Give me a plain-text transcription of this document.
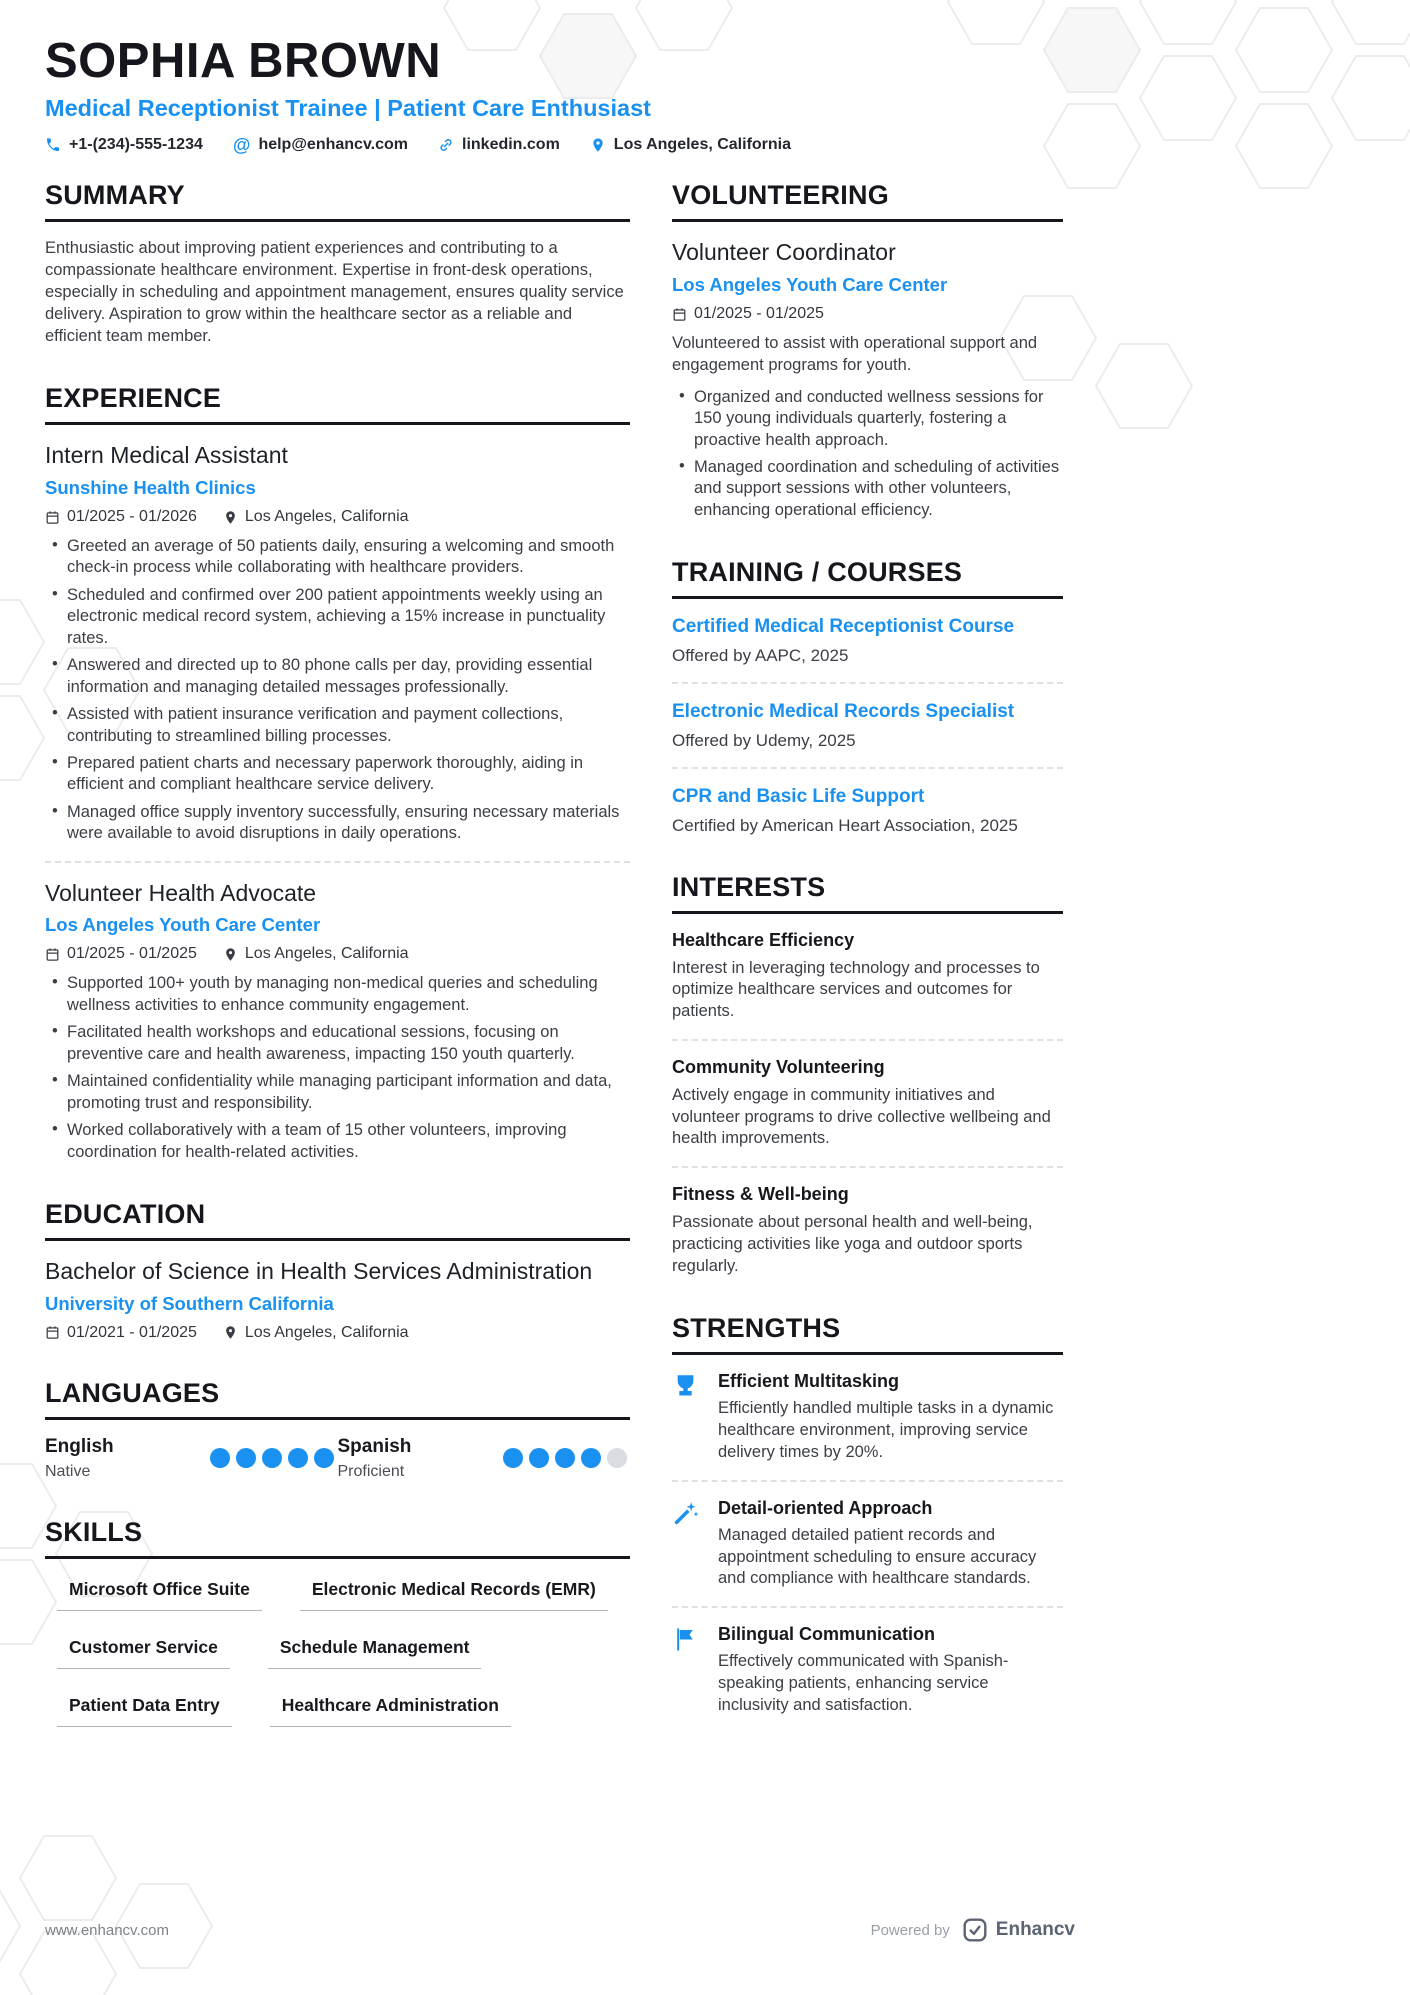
SOPHIA BROWN
Medical Receptionist Trainee | Patient Care Enthusiast
+1-(234)-555-1234 @ help@enhancv.com	linkedin.com	Los Angeles, California
SUMMARY

Enthusiastic about improving patient experiences and contributing to a compassionate healthcare environment. Expertise in front-desk operations, especially in scheduling and appointment management, ensures quality service delivery. Aspiration to grow within the healthcare sector as a reliable and efficient team member.

EXPERIENCE
Intern Medical Assistant
Sunshine Health Clinics
01/2025 - 01/2026	Los Angeles, California
• Greeted an average of 50 patients daily, ensuring a welcoming and smooth check-in process while collaborating with healthcare providers.
• Scheduled and confirmed over 200 patient appointments weekly using an electronic medical record system, achieving a 15% increase in punctuality rates.
• Answered and directed up to 80 phone calls per day, providing essential information and managing detailed messages professionally.
• Assisted with patient insurance verification and payment collections, contributing to streamlined billing processes.
• Prepared patient charts and necessary paperwork thoroughly, aiding in efficient and compliant healthcare service delivery.
• Managed office supply inventory successfully, ensuring necessary materials were available to avoid disruptions in daily operations.
Volunteer Health Advocate
Los Angeles Youth Care Center
01/2025 - 01/2025	Los Angeles, California
• Supported 100+ youth by managing non-medical queries and scheduling wellness activities to enhance community engagement.
• Facilitated health workshops and educational sessions, focusing on preventive care and health awareness, impacting 150 youth quarterly.
• Maintained confidentiality while managing participant information and data, promoting trust and responsibility.
• Worked collaboratively with a team of 15 other volunteers, improving coordination for health-related activities.
EDUCATION
Bachelor of Science in Health Services Administration
University of Southern California
01/2021 - 01/2025	Los Angeles, California
LANGUAGES
English
Native
Spanish
Proficient
SKILLS
Microsoft Office Suite	Electronic Medical Records (EMR)
Customer Service	Schedule Management
Patient Data Entry	Healthcare Administration
VOLUNTEERING
Volunteer Coordinator
Los Angeles Youth Care Center
01/2025 - 01/2025

Volunteered to assist with operational support and engagement programs for youth.

• Organized and conducted wellness sessions for 150 young individuals quarterly, fostering a proactive health approach.
• Managed coordination and scheduling of activities and support sessions with other volunteers, enhancing operational efficiency.
TRAINING / COURSES
Certified Medical Receptionist Course
Offered by AAPC, 2025
Electronic Medical Records Specialist
Offered by Udemy, 2025
CPR and Basic Life Support
Certified by American Heart Association, 2025
INTERESTS
Healthcare Efficiency

Interest in leveraging technology and processes to optimize healthcare services and outcomes for patients.

Community Volunteering

Actively engage in community initiatives and volunteer programs to drive collective wellbeing and health improvements.

Fitness & Well-being

Passionate about personal health and well-being, practicing activities like yoga and outdoor sports regularly.

STRENGTHS
Efficient Multitasking

Efficiently handled multiple tasks in a dynamic healthcare environment, improving service delivery times by 20%.

Detail-oriented Approach

Managed detailed patient records and appointment scheduling to ensure accuracy and compliance with healthcare standards.

Bilingual Communication

Effectively communicated with Spanish-speaking patients, enhancing service inclusivity and satisfaction.

www.enhancv.com	Powered by Enhancv
